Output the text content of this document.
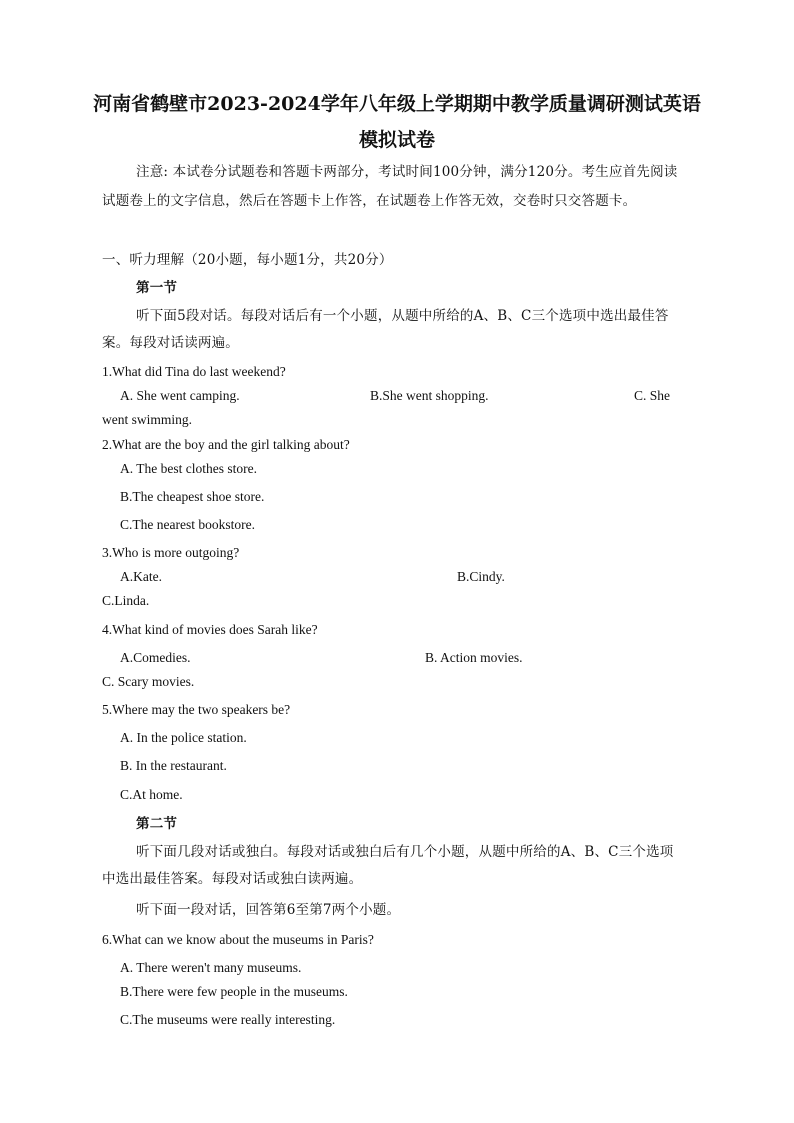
河南省鹤壁市2023-2024学年八年级上学期期中教学质量调研测试英语
模拟试卷
注意: 本试卷分试题卷和答题卡两部分，考试时间100分钟，满分120分。考生应首先阅读
试题卷上的文字信息，然后在答题卡上作答，在试题卷上作答无效，交卷时只交答题卡。
一、听力理解（20小题，每小题1分，共20分）
第一节
听下面5段对话。每段对话后有一个小题，从题中所给的A、B、C三个选项中选出最佳答
案。每段对话读两遍。
1.What did Tina do last weekend?
A. She went camping.	B.She went shopping.	C. She
went swimming.
2.What are the boy and the girl talking about?
A. The best clothes store.
B.The cheapest shoe store.
C.The nearest bookstore.
3.Who is more outgoing?
A.Kate.	B.Cindy.
C.Linda.
4.What kind of movies does Sarah like?
A.Comedies.	B. Action movies.
C. Scary movies.
5.Where may the two speakers be?
A. In the police station.
B. In the restaurant.
C.At home.
第二节
听下面几段对话或独白。每段对话或独白后有几个小题，从题中所给的A、B、C三个选项
中选出最佳答案。每段对话或独白读两遍。
听下面一段对话，回答第6至第7两个小题。
6.What can we know about the museums in Paris?
A. There weren't many museums.
B.There were few people in the museums.
C.The museums were really interesting.
